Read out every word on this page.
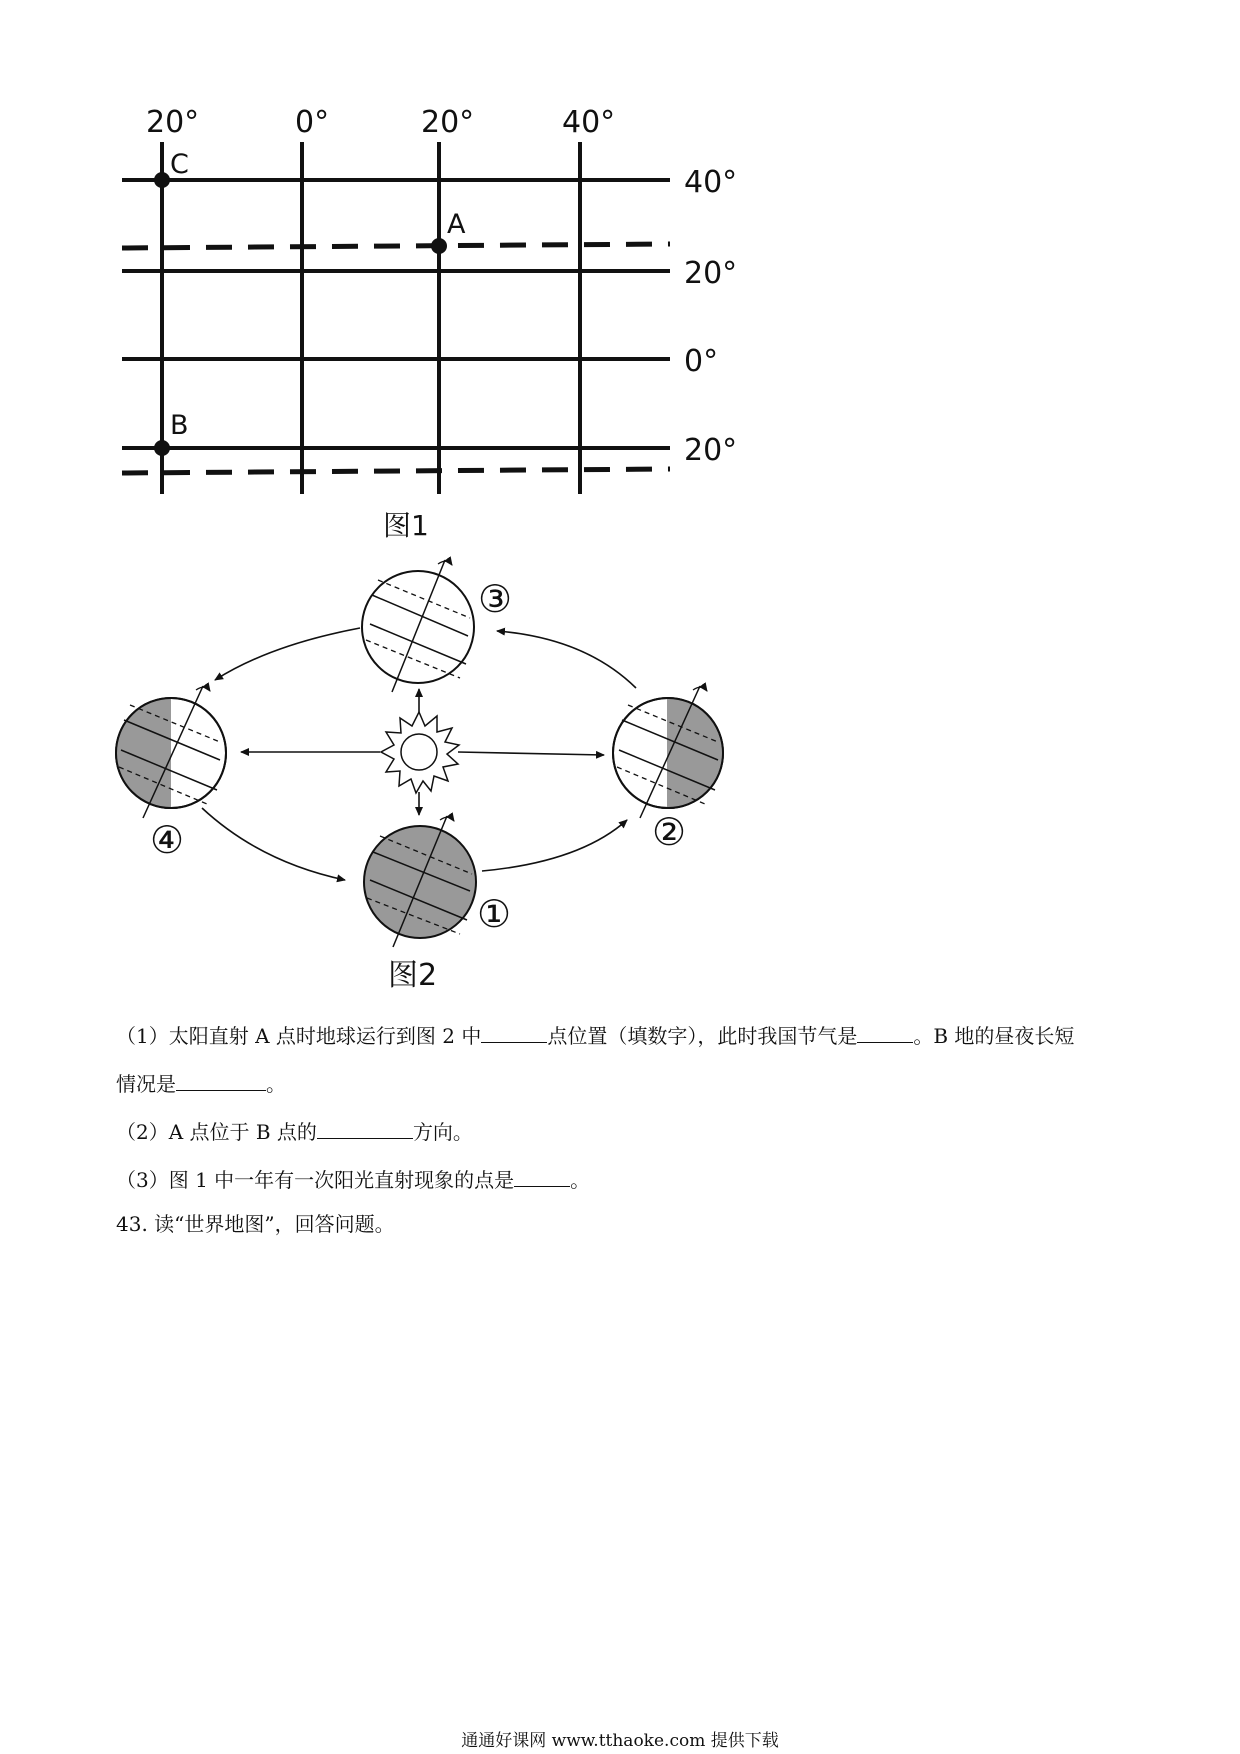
C
A
B
20°	0°	20°	40°
40°
20°
0°
20°
图1
③
②
④
①
图2
（1）太阳直射 A 点时地球运行到图 2 中	点位置（填数字），此时我国节气是	。B 地的昼夜长短
情况是	。
（2）A 点位于 B 点的	方向。
（3）图 1 中一年有一次阳光直射现象的点是	。
43. 读“世界地图”，回答问题。
通通好课网 www.tthaoke.com 提供下载
